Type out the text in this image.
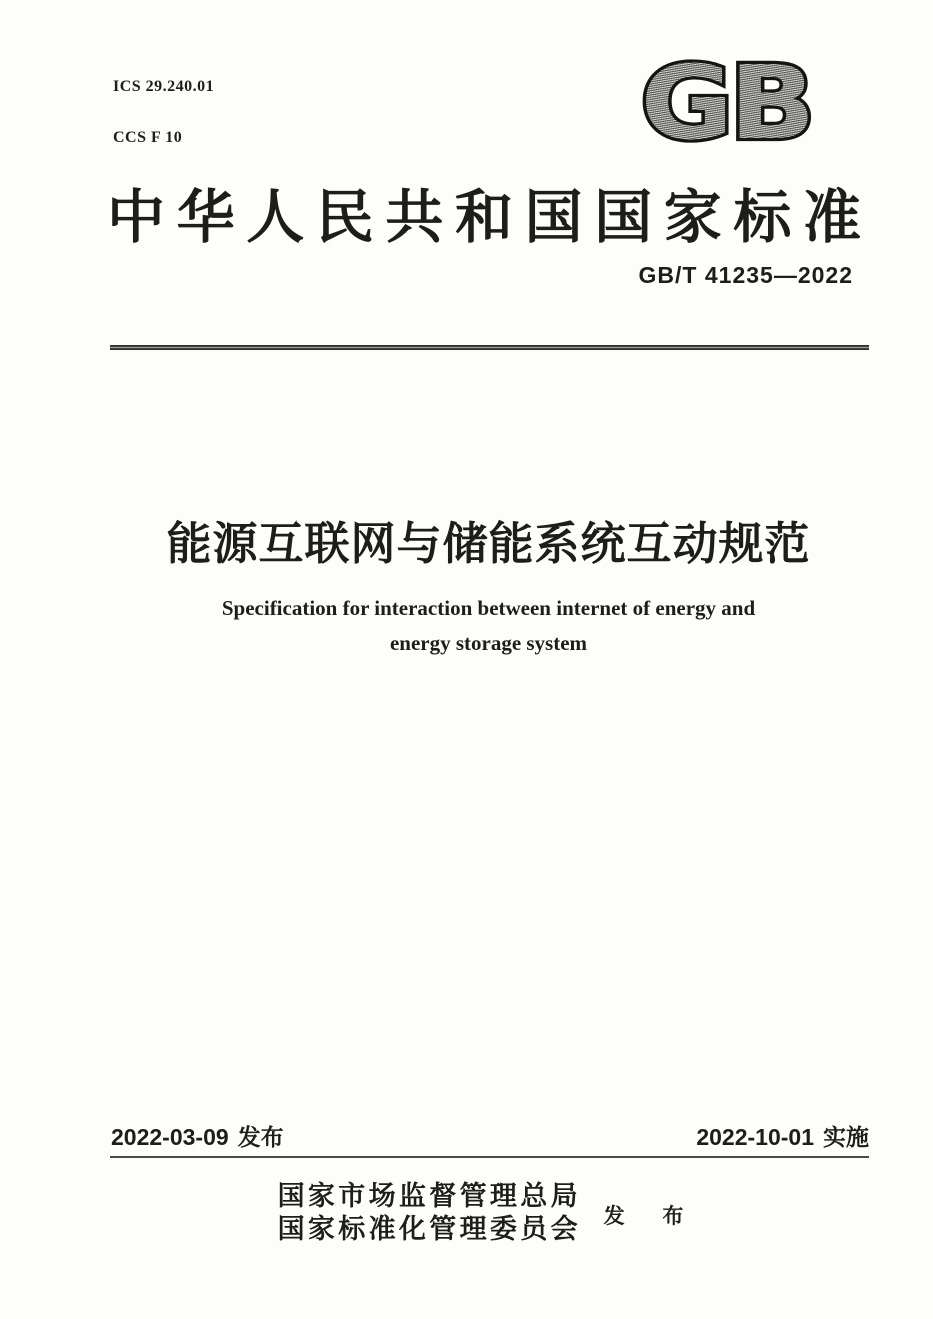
ICS 29.240.01

CCS F 10

	GB
中华人民共和国国家标准
GB/T 41235—2022
能源互联网与储能系统互动规范
Specification for interaction between internet of energy and
energy storage system
2022-03-09 发布	2022-10-01 实施
国家市场监督管理总局
国家标准化管理委员会 发 布
